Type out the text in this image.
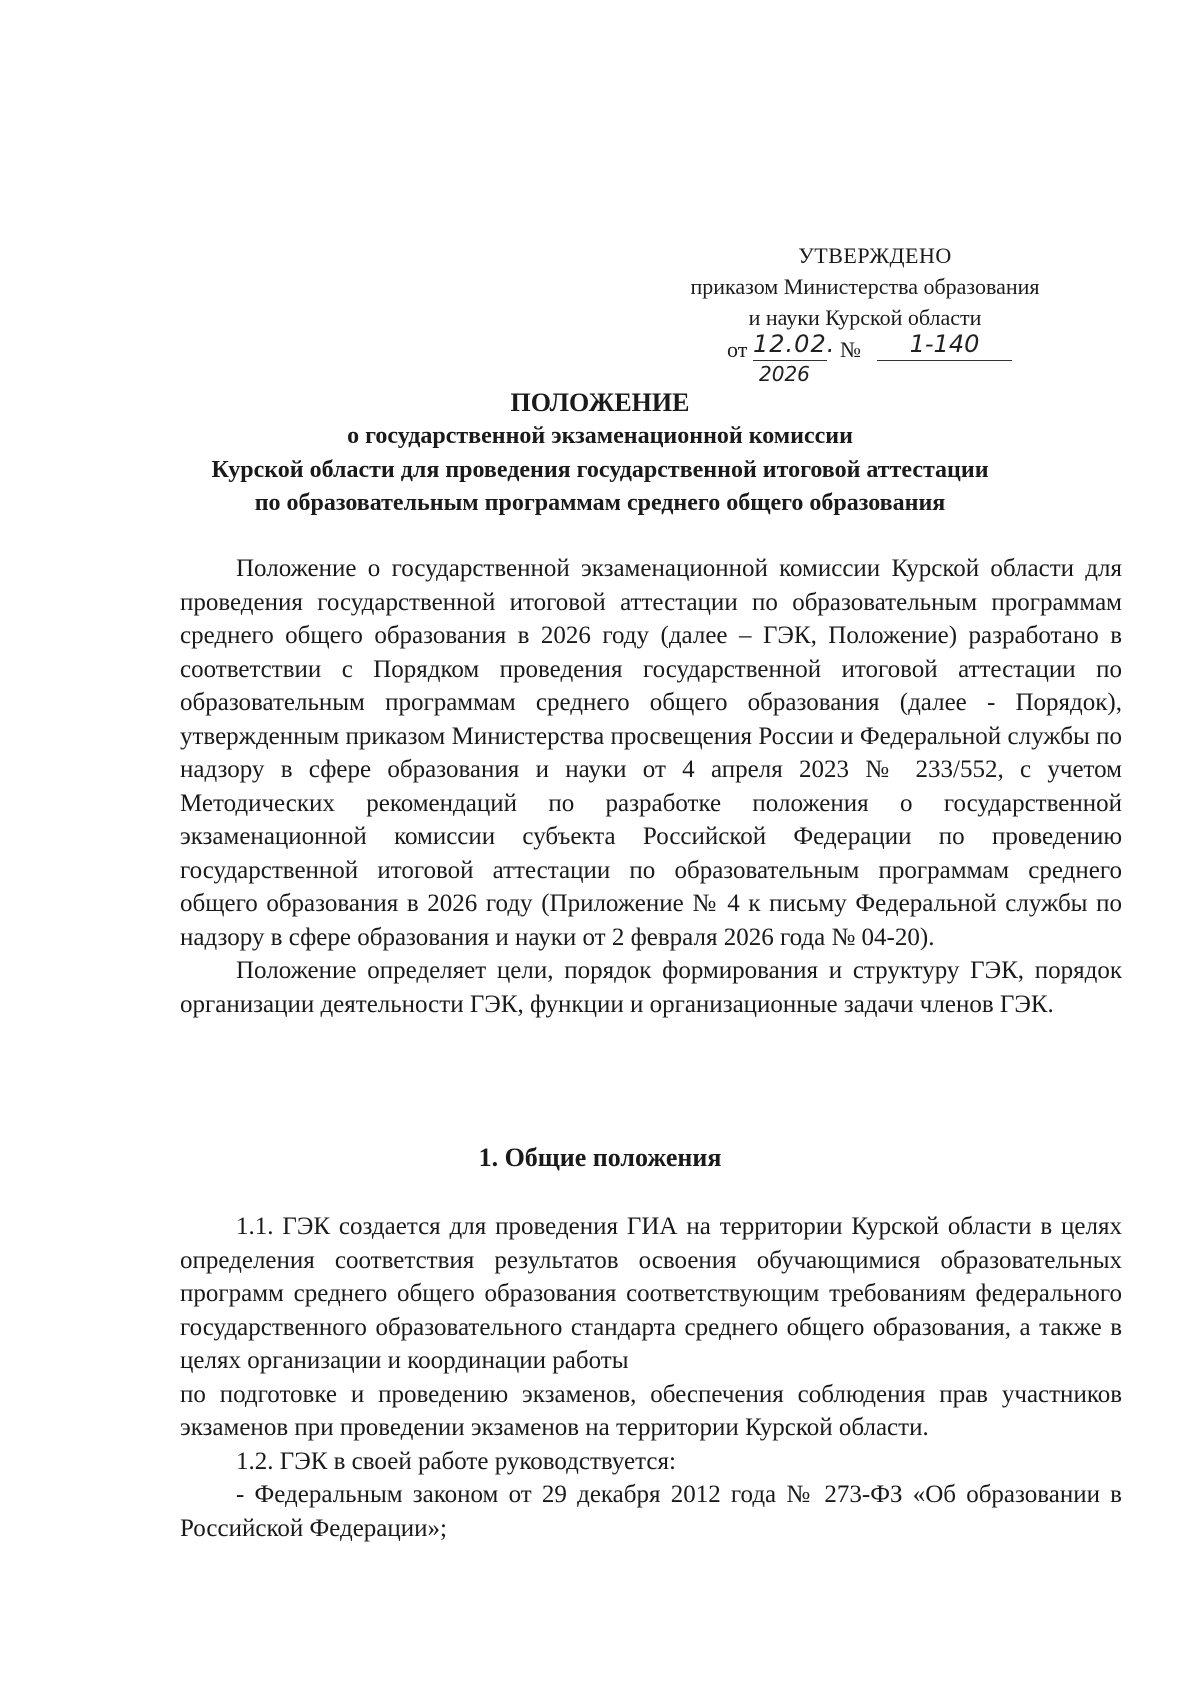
УТВЕРЖДЕНО
приказом Министерства образования
и науки Курской области
от 12.02.
2026
№	1-140
ПОЛОЖЕНИЕ
о государственной экзаменационной комиссии
Курской области для проведения государственной итоговой аттестации
по образовательным программам среднего общего образования

Положение о государственной экзаменационной комиссии Курской области для проведения государственной итоговой аттестации по образовательным программам среднего общего образования в 2026 году (далее – ГЭК, Положение) разработано в соответствии с Порядком проведения государственной итоговой аттестации по образовательным программам среднего общего образования (далее - Порядок), утвержденным приказом Министерства просвещения России и Федеральной службы по надзору в сфере образования и науки от 4 апреля 2023 № 233/552, с учетом Методических рекомендаций по разработке положения о государственной экзаменационной комиссии субъекта Российской Федерации по проведению государственной итоговой аттестации по образовательным программам среднего общего образования в 2026 году (Приложение № 4 к письму Федеральной службы по надзору в сфере образования и науки от 2 февраля 2026 года № 04-20).

Положение определяет цели, порядок формирования и структуру ГЭК, порядок организации деятельности ГЭК, функции и организационные задачи членов ГЭК.

1. Общие положения

1.1. ГЭК создается для проведения ГИА на территории Курской области в целях определения соответствия результатов освоения обучающимися образовательных программ среднего общего образования соответствующим требованиям федерального государственного образовательного стандарта среднего общего образования, а также в целях организации и координации работы

по подготовке и проведению экзаменов, обеспечения соблюдения прав участников экзаменов при проведении экзаменов на территории Курской области.

1.2. ГЭК в своей работе руководствуется:

- Федеральным законом от 29 декабря 2012 года № 273-ФЗ «Об образовании в Российской Федерации»;
